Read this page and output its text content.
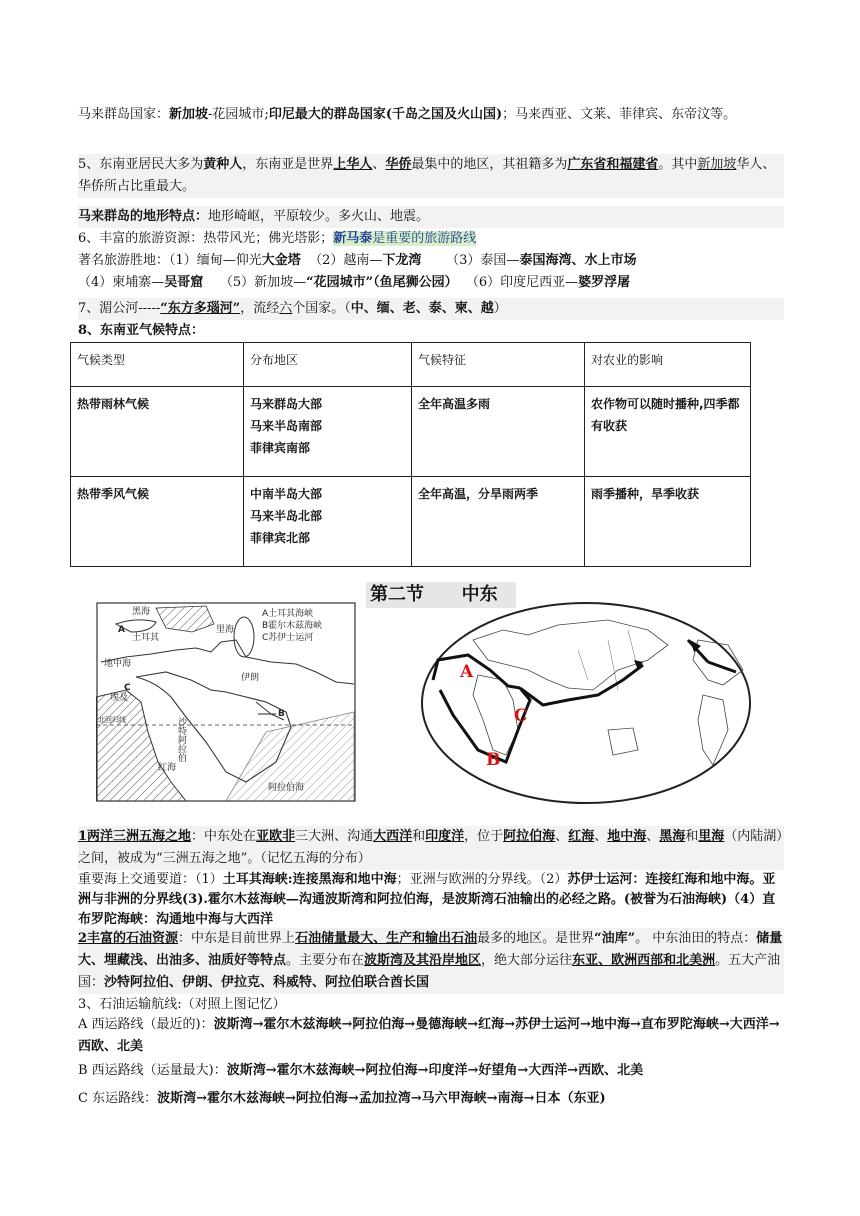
马来群岛国家：新加坡-花园城市;印尼最大的群岛国家(千岛之国及火山国)；马来西亚、文莱、菲律宾、东帝汶等。
5、东南亚居民大多为黄种人，东南亚是世界上华人、华侨最集中的地区，其祖籍多为广东省和福建省。其中新加坡华人、华侨所占比重最大。
马来群岛的地形特点：地形崎岖，平原较少。多火山、地震。
6、丰富的旅游资源：热带风光；佛光塔影；新马泰是重要的旅游路线
著名旅游胜地：（1）缅甸—仰光大金塔 （2）越南—下龙湾 （3）泰国—泰国海湾、水上市场
（4）柬埔寨—吴哥窟 （5）新加坡—“花园城市”（鱼尾狮公园） （6）印度尼西亚—婆罗浮屠
7、湄公河-----“东方多瑙河”，流经六个国家。（中、缅、老、泰、柬、越）
8、东南亚气候特点：
气候类型	分布地区	气候特征	对农业的影响
热带雨林气候	马来群岛大部
马来半岛南部
菲律宾南部	全年高温多雨	农作物可以随时播种,四季都有收获
热带季风气候	中南半岛大部
马来半岛北部
菲律宾北部	全年高温，分旱雨两季	雨季播种，旱季收获
第二节      中东
黑海
土耳其
里海
地中海
伊朗
埃及
沙特阿拉伯
红海
阿拉伯海
北回归线
A土耳其海峡
B霍尔木兹海峡
C苏伊士运河
A
B
C
A
B
C
1两洋三洲五海之地：中东处在亚欧非三大洲、沟通大西洋和印度洋，位于阿拉伯海、红海、地中海、黑海和里海（内陆湖）之间，被成为“三洲五海之地”。（记忆五海的分布）
重要海上交通要道：（1）土耳其海峡:连接黑海和地中海；亚洲与欧洲的分界线。（2）苏伊士运河：连接红海和地中海。亚洲与非洲的分界线(3).霍尔木兹海峡—沟通波斯湾和阿拉伯海，是波斯湾石油输出的必经之路。(被誉为石油海峡)（4）直布罗陀海峡：沟通地中海与大西洋
2丰富的石油资源：中东是目前世界上石油储量最大、生产和输出石油最多的地区。是世界“油库”。 中东油田的特点：储量大、埋藏浅、出油多、油质好等特点。主要分布在波斯湾及其沿岸地区，绝大部分运往东亚、欧洲西部和北美洲。五大产油国：沙特阿拉伯、伊朗、伊拉克、科威特、阿拉伯联合酋长国
3、石油运输航线:（对照上图记忆）
A 西运路线（最近的)：波斯湾→霍尔木兹海峡→阿拉伯海→曼德海峡→红海→苏伊士运河→地中海→直布罗陀海峡→大西洋→西欧、北美
B 西运路线（运量最大)：波斯湾→霍尔木兹海峡→阿拉伯海→印度洋→好望角→大西洋→西欧、北美
C 东运路线：波斯湾→霍尔木兹海峡→阿拉伯海→孟加拉湾→马六甲海峡→南海→日本（东亚)
